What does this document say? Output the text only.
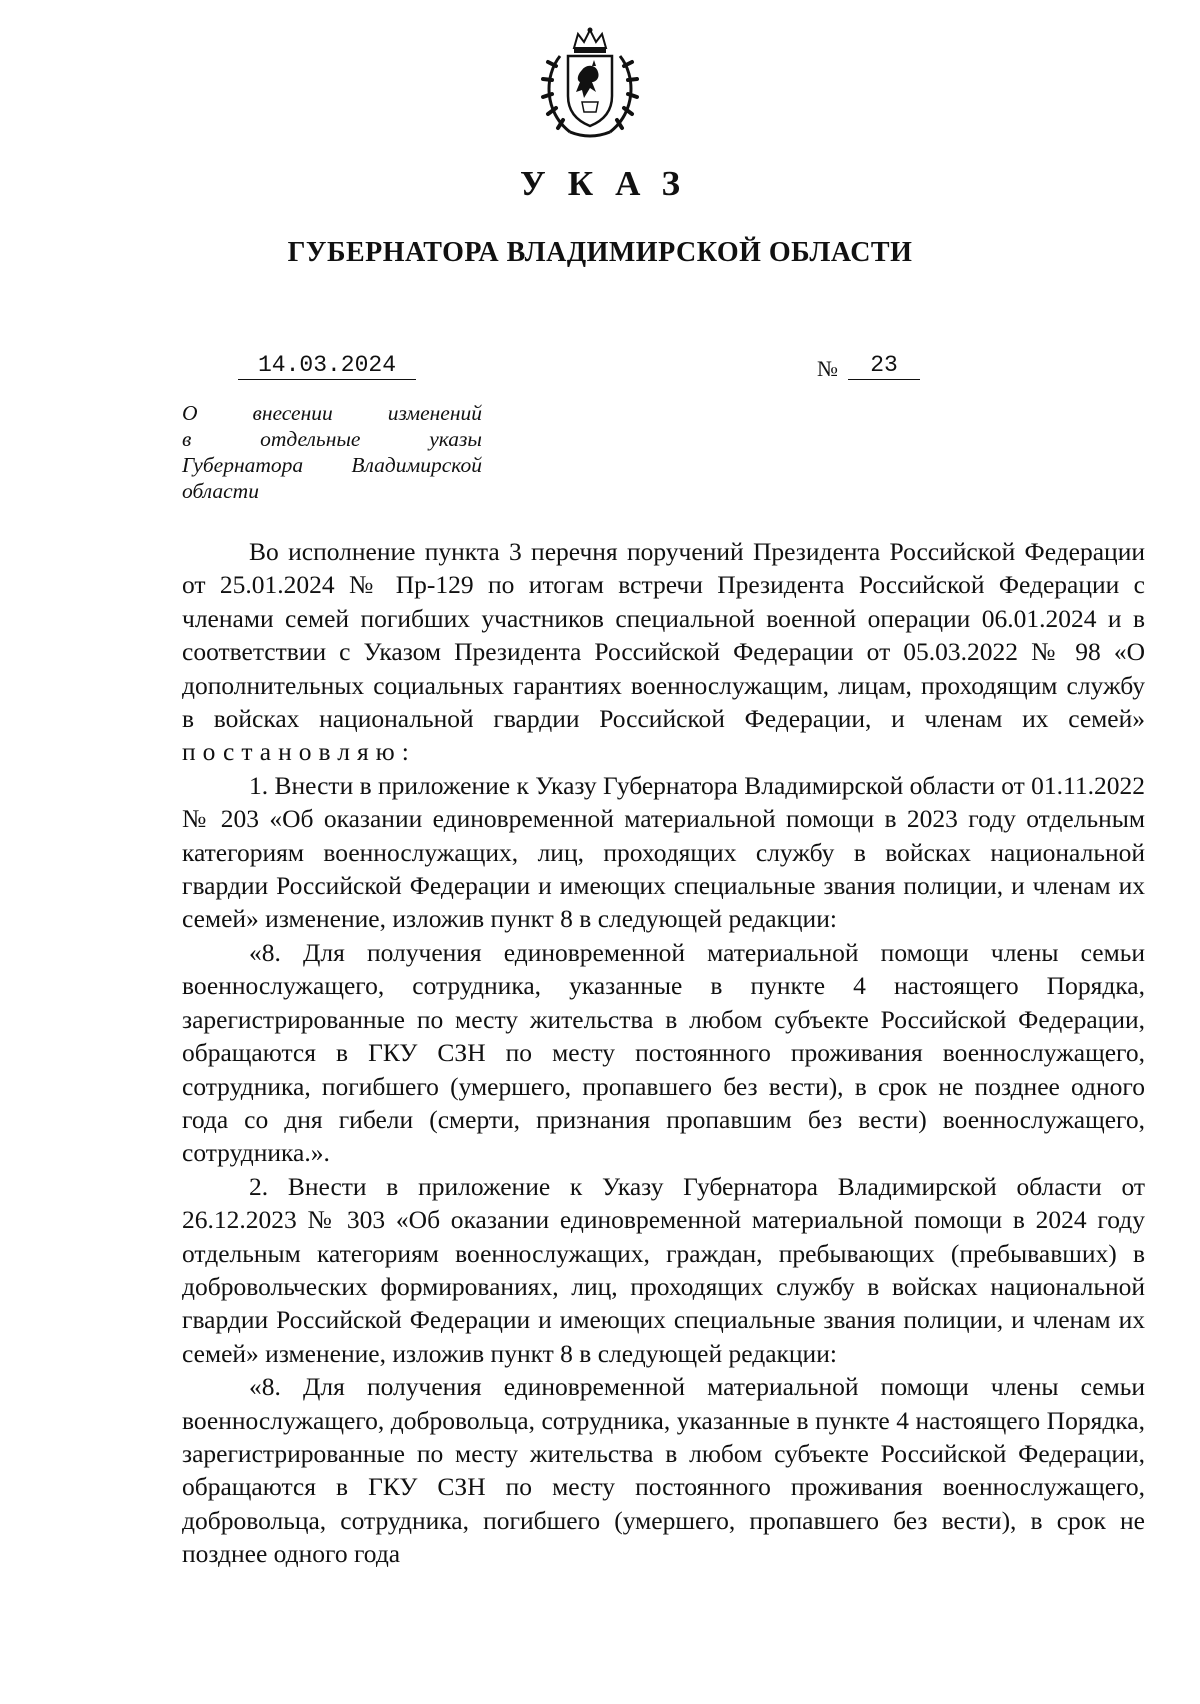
УКАЗ
ГУБЕРНАТОРА ВЛАДИМИРСКОЙ ОБЛАСТИ
14.03.2024	№	23
О внесении изменений
в отдельные указы
Губернатора Владимирской
области

Во исполнение пункта 3 перечня поручений Президента Российской Федерации от 25.01.2024 № Пр-129 по итогам встречи Президента Российской Федерации с членами семей погибших участников специальной военной операции 06.01.2024 и в соответствии с Указом Президента Российской Федерации от 05.03.2022 № 98 «О дополнительных социальных гарантиях военнослужащим, лицам, проходящим службу в войсках национальной гвардии Российской Федерации, и членам их семей» постановляю:

1. Внести в приложение к Указу Губернатора Владимирской области от 01.11.2022 № 203 «Об оказании единовременной материальной помощи в 2023 году отдельным категориям военнослужащих, лиц, проходящих службу в войсках национальной гвардии Российской Федерации и имеющих специальные звания полиции, и членам их семей» изменение, изложив пункт 8 в следующей редакции:

«8. Для получения единовременной материальной помощи члены семьи военнослужащего, сотрудника, указанные в пункте 4 настоящего Порядка, зарегистрированные по месту жительства в любом субъекте Российской Федерации, обращаются в ГКУ СЗН по месту постоянного проживания военнослужащего, сотрудника, погибшего (умершего, пропавшего без вести), в срок не позднее одного года со дня гибели (смерти, признания пропавшим без вести) военнослужащего, сотрудника.».

2. Внести в приложение к Указу Губернатора Владимирской области от 26.12.2023 № 303 «Об оказании единовременной материальной помощи в 2024 году отдельным категориям военнослужащих, граждан, пребывающих (пребывавших) в добровольческих формированиях, лиц, проходящих службу в войсках национальной гвардии Российской Федерации и имеющих специальные звания полиции, и членам их семей» изменение, изложив пункт 8 в следующей редакции:

«8. Для получения единовременной материальной помощи члены семьи военнослужащего, добровольца, сотрудника, указанные в пункте 4 настоящего Порядка, зарегистрированные по месту жительства в любом субъекте Российской Федерации, обращаются в ГКУ СЗН по месту постоянного проживания военнослужащего, добровольца, сотрудника, погибшего (умершего, пропавшего без вести), в срок не позднее одного года
